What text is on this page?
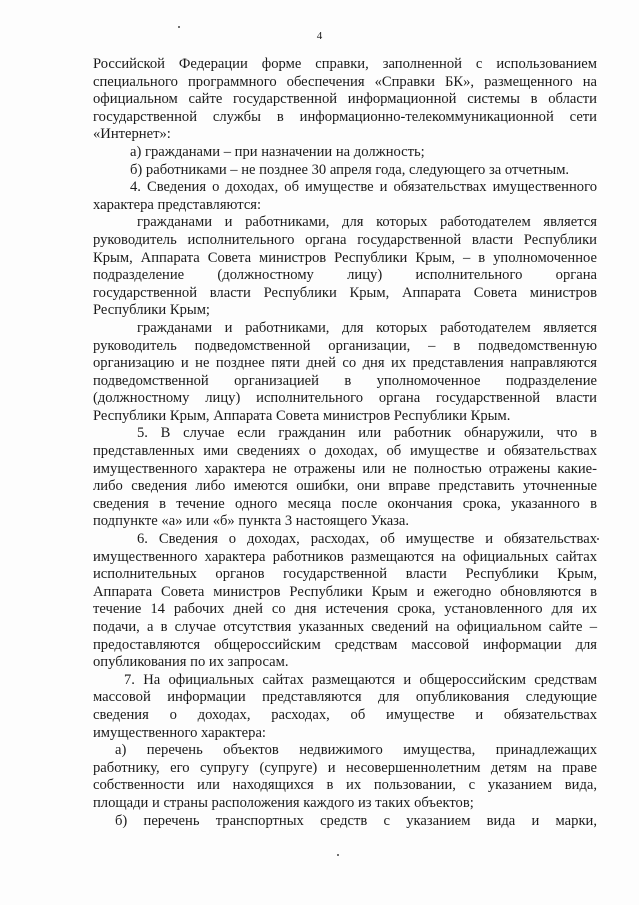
4
Российской Федерации форме справки, заполненной с использованием
специального программного обеспечения «Справки БК», размещенного на
официальном сайте государственной информационной системы в области
государственной службы в информационно-телекоммуникационной сети
«Интернет»:
а) гражданами – при назначении на должность;
б) работниками – не позднее 30 апреля года, следующего за отчетным.
4. Сведения о доходах, об имуществе и обязательствах имущественного
характера представляются:
гражданами и работниками, для которых работодателем является
руководитель исполнительного органа государственной власти Республики
Крым, Аппарата Совета министров Республики Крым, – в уполномоченное
подразделение (должностному лицу) исполнительного органа
государственной власти Республики Крым, Аппарата Совета министров
Республики Крым;
гражданами и работниками, для которых работодателем является
руководитель подведомственной организации, – в подведомственную
организацию и не позднее пяти дней со дня их представления направляются
подведомственной организацией в уполномоченное подразделение
(должностному лицу) исполнительного органа государственной власти
Республики Крым, Аппарата Совета министров Республики Крым.
5. В случае если гражданин или работник обнаружили, что в
представленных ими сведениях о доходах, об имуществе и обязательствах
имущественного характера не отражены или не полностью отражены какие-
либо сведения либо имеются ошибки, они вправе представить уточненные
сведения в течение одного месяца после окончания срока, указанного в
подпункте «а» или «б» пункта 3 настоящего Указа.
6. Сведения о доходах, расходах, об имуществе и обязательствах
имущественного характера работников размещаются на официальных сайтах
исполнительных органов государственной власти Республики Крым,
Аппарата Совета министров Республики Крым и ежегодно обновляются в
течение 14 рабочих дней со дня истечения срока, установленного для их
подачи, а в случае отсутствия указанных сведений на официальном сайте –
предоставляются общероссийским средствам массовой информации для
опубликования по их запросам.
7. На официальных сайтах размещаются и общероссийским средствам
массовой информации представляются для опубликования следующие
сведения о доходах, расходах, об имуществе и обязательствах
имущественного характера:
а) перечень объектов недвижимого имущества, принадлежащих
работнику, его супругу (супруге) и несовершеннолетним детям на праве
собственности или находящихся в их пользовании, с указанием вида,
площади и страны расположения каждого из таких объектов;
б) перечень транспортных средств с указанием вида и марки,
